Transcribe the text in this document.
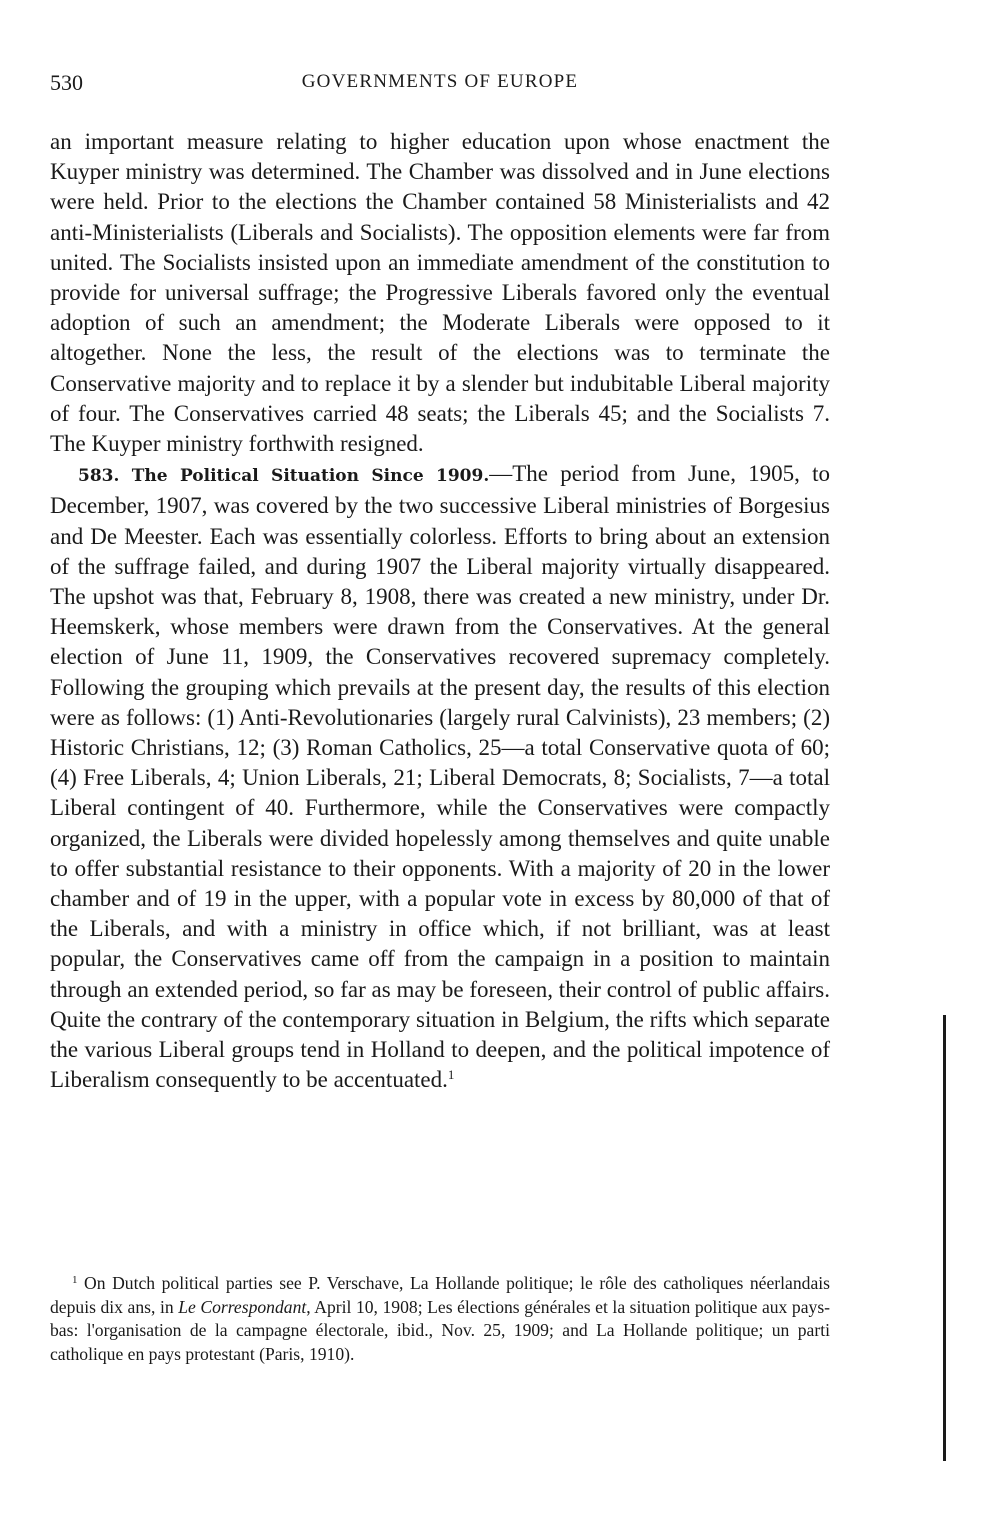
530	GOVERNMENTS OF EUROPE

an important measure relating to higher education upon whose enactment the Kuyper ministry was determined. The Chamber was dissolved and in June elections were held. Prior to the elections the Chamber contained 58 Ministerialists and 42 anti-Ministerialists (Liberals and Socialists). The opposition elements were far from united. The Socialists insisted upon an immediate amendment of the constitution to provide for universal suffrage; the Progressive Liberals favored only the eventual adoption of such an amendment; the Moderate Liberals were opposed to it altogether. None the less, the result of the elections was to terminate the Conservative majority and to replace it by a slender but indubitable Liberal majority of four. The Conservatives carried 48 seats; the Liberals 45; and the Socialists 7. The Kuyper ministry forthwith resigned.

583. The Political Situation Since 1909.—The period from June, 1905, to December, 1907, was covered by the two successive Liberal ministries of Borgesius and De Meester. Each was essentially colorless. Efforts to bring about an extension of the suffrage failed, and during 1907 the Liberal majority virtually disappeared. The upshot was that, February 8, 1908, there was created a new ministry, under Dr. Heemskerk, whose members were drawn from the Conservatives. At the general election of June 11, 1909, the Conservatives recovered supremacy completely. Following the grouping which prevails at the present day, the results of this election were as follows: (1) Anti-Revolutionaries (largely rural Calvinists), 23 members; (2) Historic Christians, 12; (3) Roman Catholics, 25—a total Conservative quota of 60; (4) Free Liberals, 4; Union Liberals, 21; Liberal Democrats, 8; Socialists, 7—a total Liberal contingent of 40. Furthermore, while the Conservatives were compactly organized, the Liberals were divided hopelessly among themselves and quite unable to offer substantial resistance to their opponents. With a majority of 20 in the lower chamber and of 19 in the upper, with a popular vote in excess by 80,000 of that of the Liberals, and with a ministry in office which, if not brilliant, was at least popular, the Conservatives came off from the campaign in a position to maintain through an extended period, so far as may be foreseen, their control of public affairs. Quite the contrary of the contemporary situation in Belgium, the rifts which separate the various Liberal groups tend in Holland to deepen, and the political impotence of Liberalism consequently to be accentuated.$^1$

$^1$ On Dutch political parties see P. Verschave, La Hollande politique; le rôle des catholiques néerlandais depuis dix ans, in Le Correspondant, April 10, 1908; Les élections générales et la situation politique aux pays-bas: l'organisation de la campagne électorale, ibid., Nov. 25, 1909; and La Hollande politique; un parti catholique en pays protestant (Paris, 1910).
